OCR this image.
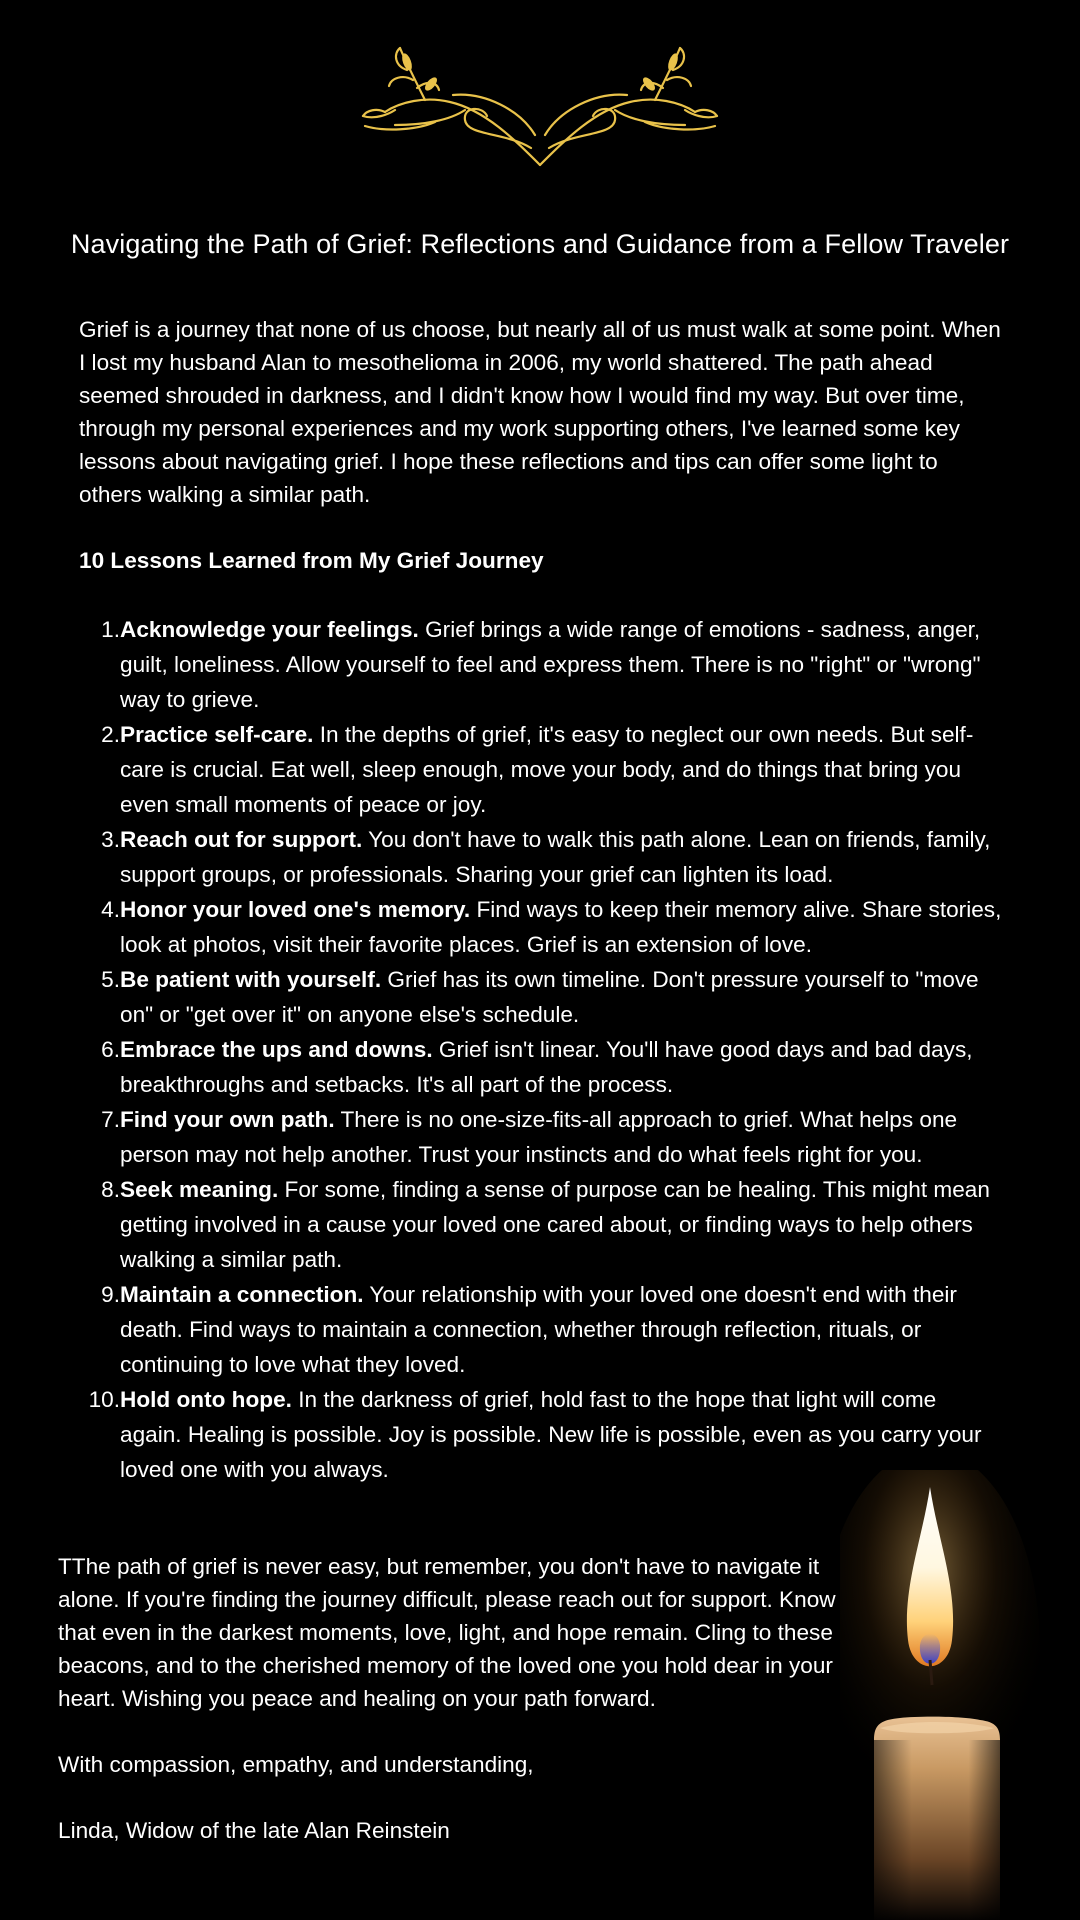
Navigating the Path of Grief: Reflections and Guidance from a Fellow Traveler

Grief is a journey that none of us choose, but nearly all of us must walk at some point. When I lost my husband Alan to mesothelioma in 2006, my world shattered. The path ahead seemed shrouded in darkness, and I didn't know how I would find my way. But over time, through my personal experiences and my work supporting others, I've learned some key lessons about navigating grief. I hope these reflections and tips can offer some light to others walking a similar path.

10 Lessons Learned from My Grief Journey
1. Acknowledge your feelings. Grief brings a wide range of emotions - sadness, anger, guilt, loneliness. Allow yourself to feel and express them. There is no "right" or "wrong" way to grieve.
2. Practice self-care. In the depths of grief, it's easy to neglect our own needs. But self-care is crucial. Eat well, sleep enough, move your body, and do things that bring you even small moments of peace or joy.
3. Reach out for support. You don't have to walk this path alone. Lean on friends, family, support groups, or professionals. Sharing your grief can lighten its load.
4. Honor your loved one's memory. Find ways to keep their memory alive. Share stories, look at photos, visit their favorite places. Grief is an extension of love.
5. Be patient with yourself. Grief has its own timeline. Don't pressure yourself to "move on" or "get over it" on anyone else's schedule.
6. Embrace the ups and downs. Grief isn't linear. You'll have good days and bad days, breakthroughs and setbacks. It's all part of the process.
7. Find your own path. There is no one-size-fits-all approach to grief. What helps one person may not help another. Trust your instincts and do what feels right for you.
8. Seek meaning. For some, finding a sense of purpose can be healing. This might mean getting involved in a cause your loved one cared about, or finding ways to help others walking a similar path.
9. Maintain a connection. Your relationship with your loved one doesn't end with their death. Find ways to maintain a connection, whether through reflection, rituals, or continuing to love what they loved.
10. Hold onto hope. In the darkness of grief, hold fast to the hope that light will come again. Healing is possible. Joy is possible. New life is possible, even as you carry your loved one with you always.

TThe path of grief is never easy, but remember, you don't have to navigate it alone. If you're finding the journey difficult, please reach out for support. Know that even in the darkest moments, love, light, and hope remain. Cling to these beacons, and to the cherished memory of the loved one you hold dear in your heart. Wishing you peace and healing on your path forward.

With compassion, empathy, and understanding,

Linda, Widow of the late Alan Reinstein
